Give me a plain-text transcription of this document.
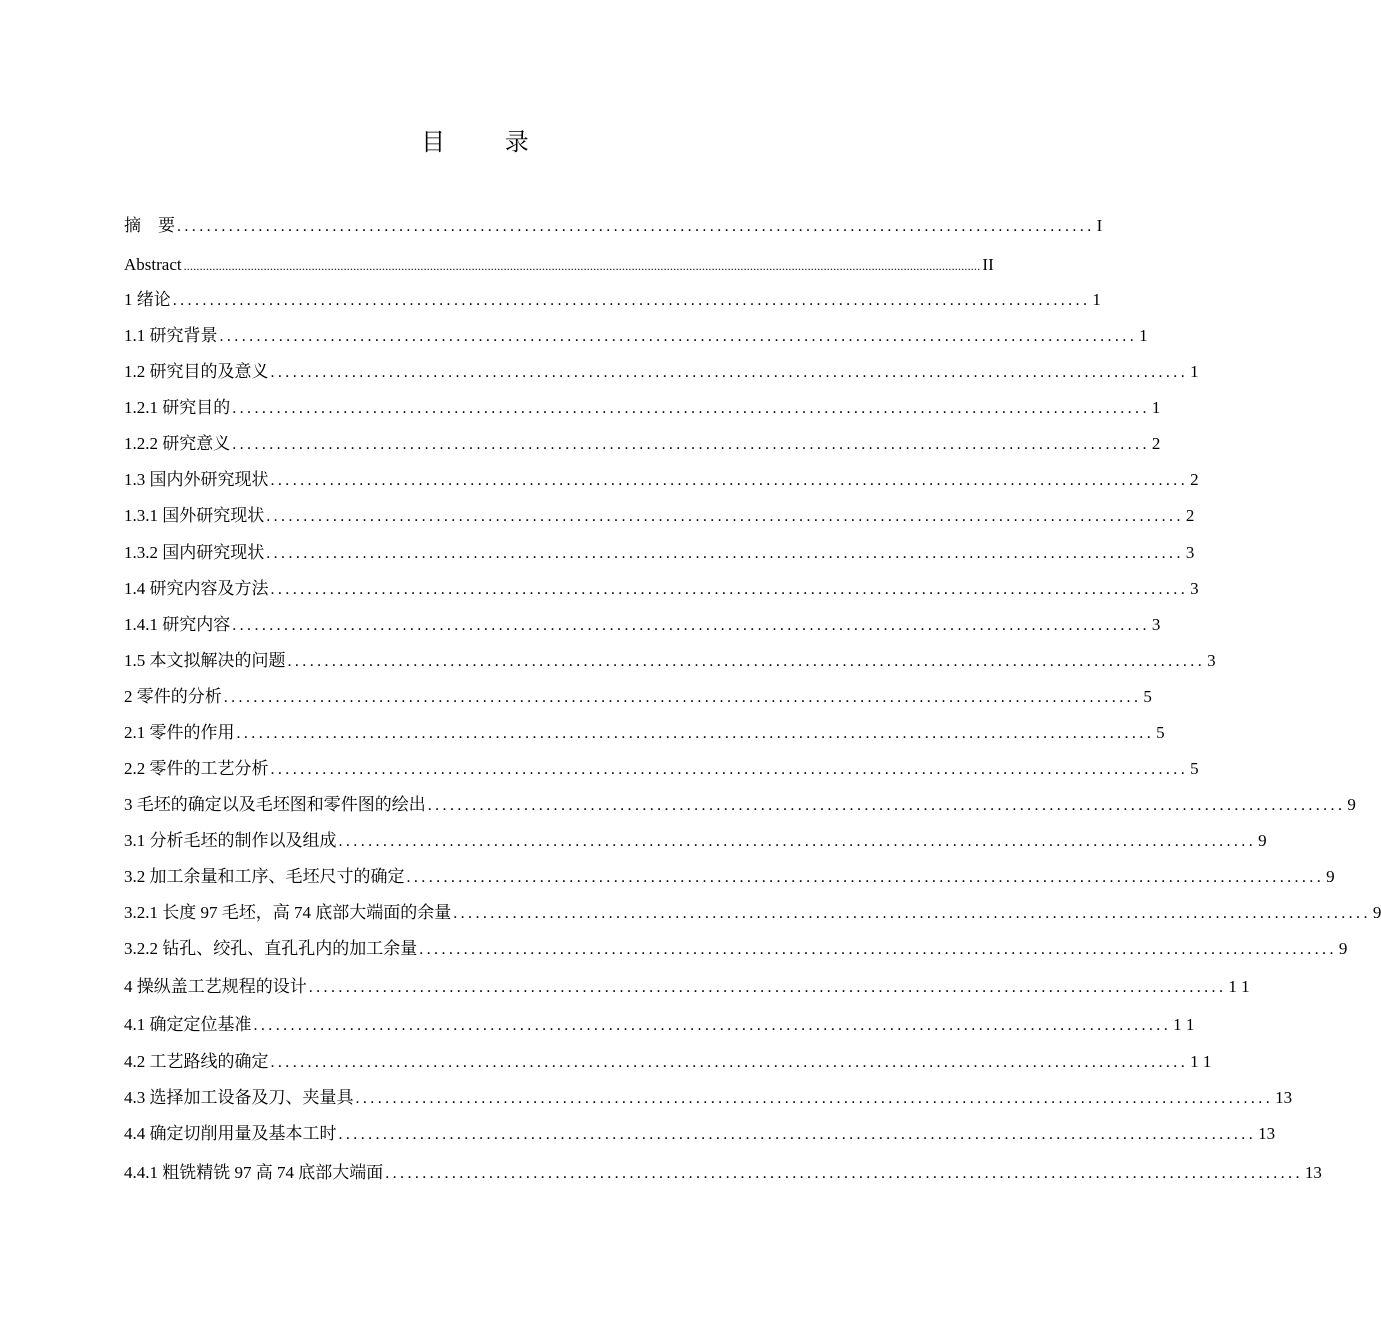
目 录
摘　要 ............................................................................................................................ I
Abstract ......................................................................................................................................................................................................................................................... II
1 绪论 ............................................................................................................................ 1
1.1 研究背景 ............................................................................................................................ 1
1.2 研究目的及意义 ............................................................................................................................ 1
1.2.1 研究目的 ............................................................................................................................ 1
1.2.2 研究意义 ............................................................................................................................ 2
1.3 国内外研究现状 ............................................................................................................................ 2
1.3.1 国外研究现状 ............................................................................................................................ 2
1.3.2 国内研究现状 ............................................................................................................................ 3
1.4 研究内容及方法 ............................................................................................................................ 3
1.4.1 研究内容 ............................................................................................................................ 3
1.5 本文拟解决的问题 ............................................................................................................................ 3
2 零件的分析 ............................................................................................................................ 5
2.1 零件的作用 ............................................................................................................................ 5
2.2 零件的工艺分析 ............................................................................................................................ 5
3 毛坯的确定以及毛坯图和零件图的绘出 ............................................................................................................................ 9
3.1 分析毛坯的制作以及组成 ............................................................................................................................ 9
3.2 加工余量和工序、毛坯尺寸的确定 ............................................................................................................................ 9
3.2.1 长度 97 毛坯，高 74 底部大端面的余量 ............................................................................................................................ 9
3.2.2 钻孔、绞孔、直孔孔内的加工余量 ............................................................................................................................ 9
4 操纵盖工艺规程的设计 ............................................................................................................................ 1 1
4.1 确定定位基准 ............................................................................................................................ 1 1
4.2 工艺路线的确定 ............................................................................................................................ 1 1
4.3 选择加工设备及刀、夹量具 ............................................................................................................................ 13
4.4 确定切削用量及基本工时 ............................................................................................................................ 13
4.4.1 粗铣精铣 97 高 74 底部大端面 ............................................................................................................................ 13
